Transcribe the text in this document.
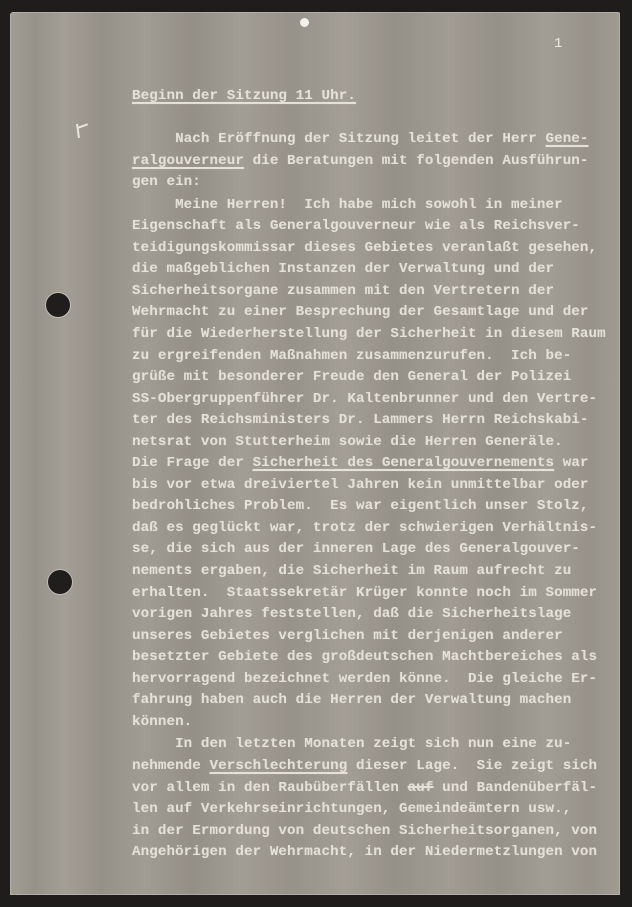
1
Beginn der Sitzung 11 Uhr.
Nach Eröffnung der Sitzung leitet der Herr Gene-
ralgouverneur die Beratungen mit folgenden Ausführun-
gen ein:
Meine Herren!  Ich habe mich sowohl in meiner
Eigenschaft als Generalgouverneur wie als Reichsver-
teidigungskommissar dieses Gebietes veranlaßt gesehen,
die maßgeblichen Instanzen der Verwaltung und der
Sicherheitsorgane zusammen mit den Vertretern der
Wehrmacht zu einer Besprechung der Gesamtlage und der
für die Wiederherstellung der Sicherheit in diesem Raum
zu ergreifenden Maßnahmen zusammenzurufen.  Ich be-
grüße mit besonderer Freude den General der Polizei
SS-Obergruppenführer Dr. Kaltenbrunner und den Vertre-
ter des Reichsministers Dr. Lammers Herrn Reichskabi-
netsrat von Stutterheim sowie die Herren Generäle.
Die Frage der Sicherheit des Generalgouvernements war
bis vor etwa dreiviertel Jahren kein unmittelbar oder
bedrohliches Problem.  Es war eigentlich unser Stolz,
daß es geglückt war, trotz der schwierigen Verhältnis-
se, die sich aus der inneren Lage des Generalgouver-
nements ergaben, die Sicherheit im Raum aufrecht zu
erhalten.  Staatssekretär Krüger konnte noch im Sommer
vorigen Jahres feststellen, daß die Sicherheitslage
unseres Gebietes verglichen mit derjenigen anderer
besetzter Gebiete des großdeutschen Machtbereiches als
hervorragend bezeichnet werden könne.  Die gleiche Er-
fahrung haben auch die Herren der Verwaltung machen
können.
In den letzten Monaten zeigt sich nun eine zu-
nehmende Verschlechterung dieser Lage.  Sie zeigt sich
vor allem in den Raubüberfällen auf und Bandenüberfäl-
len auf Verkehrseinrichtungen, Gemeindeämtern usw.,
in der Ermordung von deutschen Sicherheitsorganen, von
Angehörigen der Wehrmacht, in der Niedermetzlungen von
